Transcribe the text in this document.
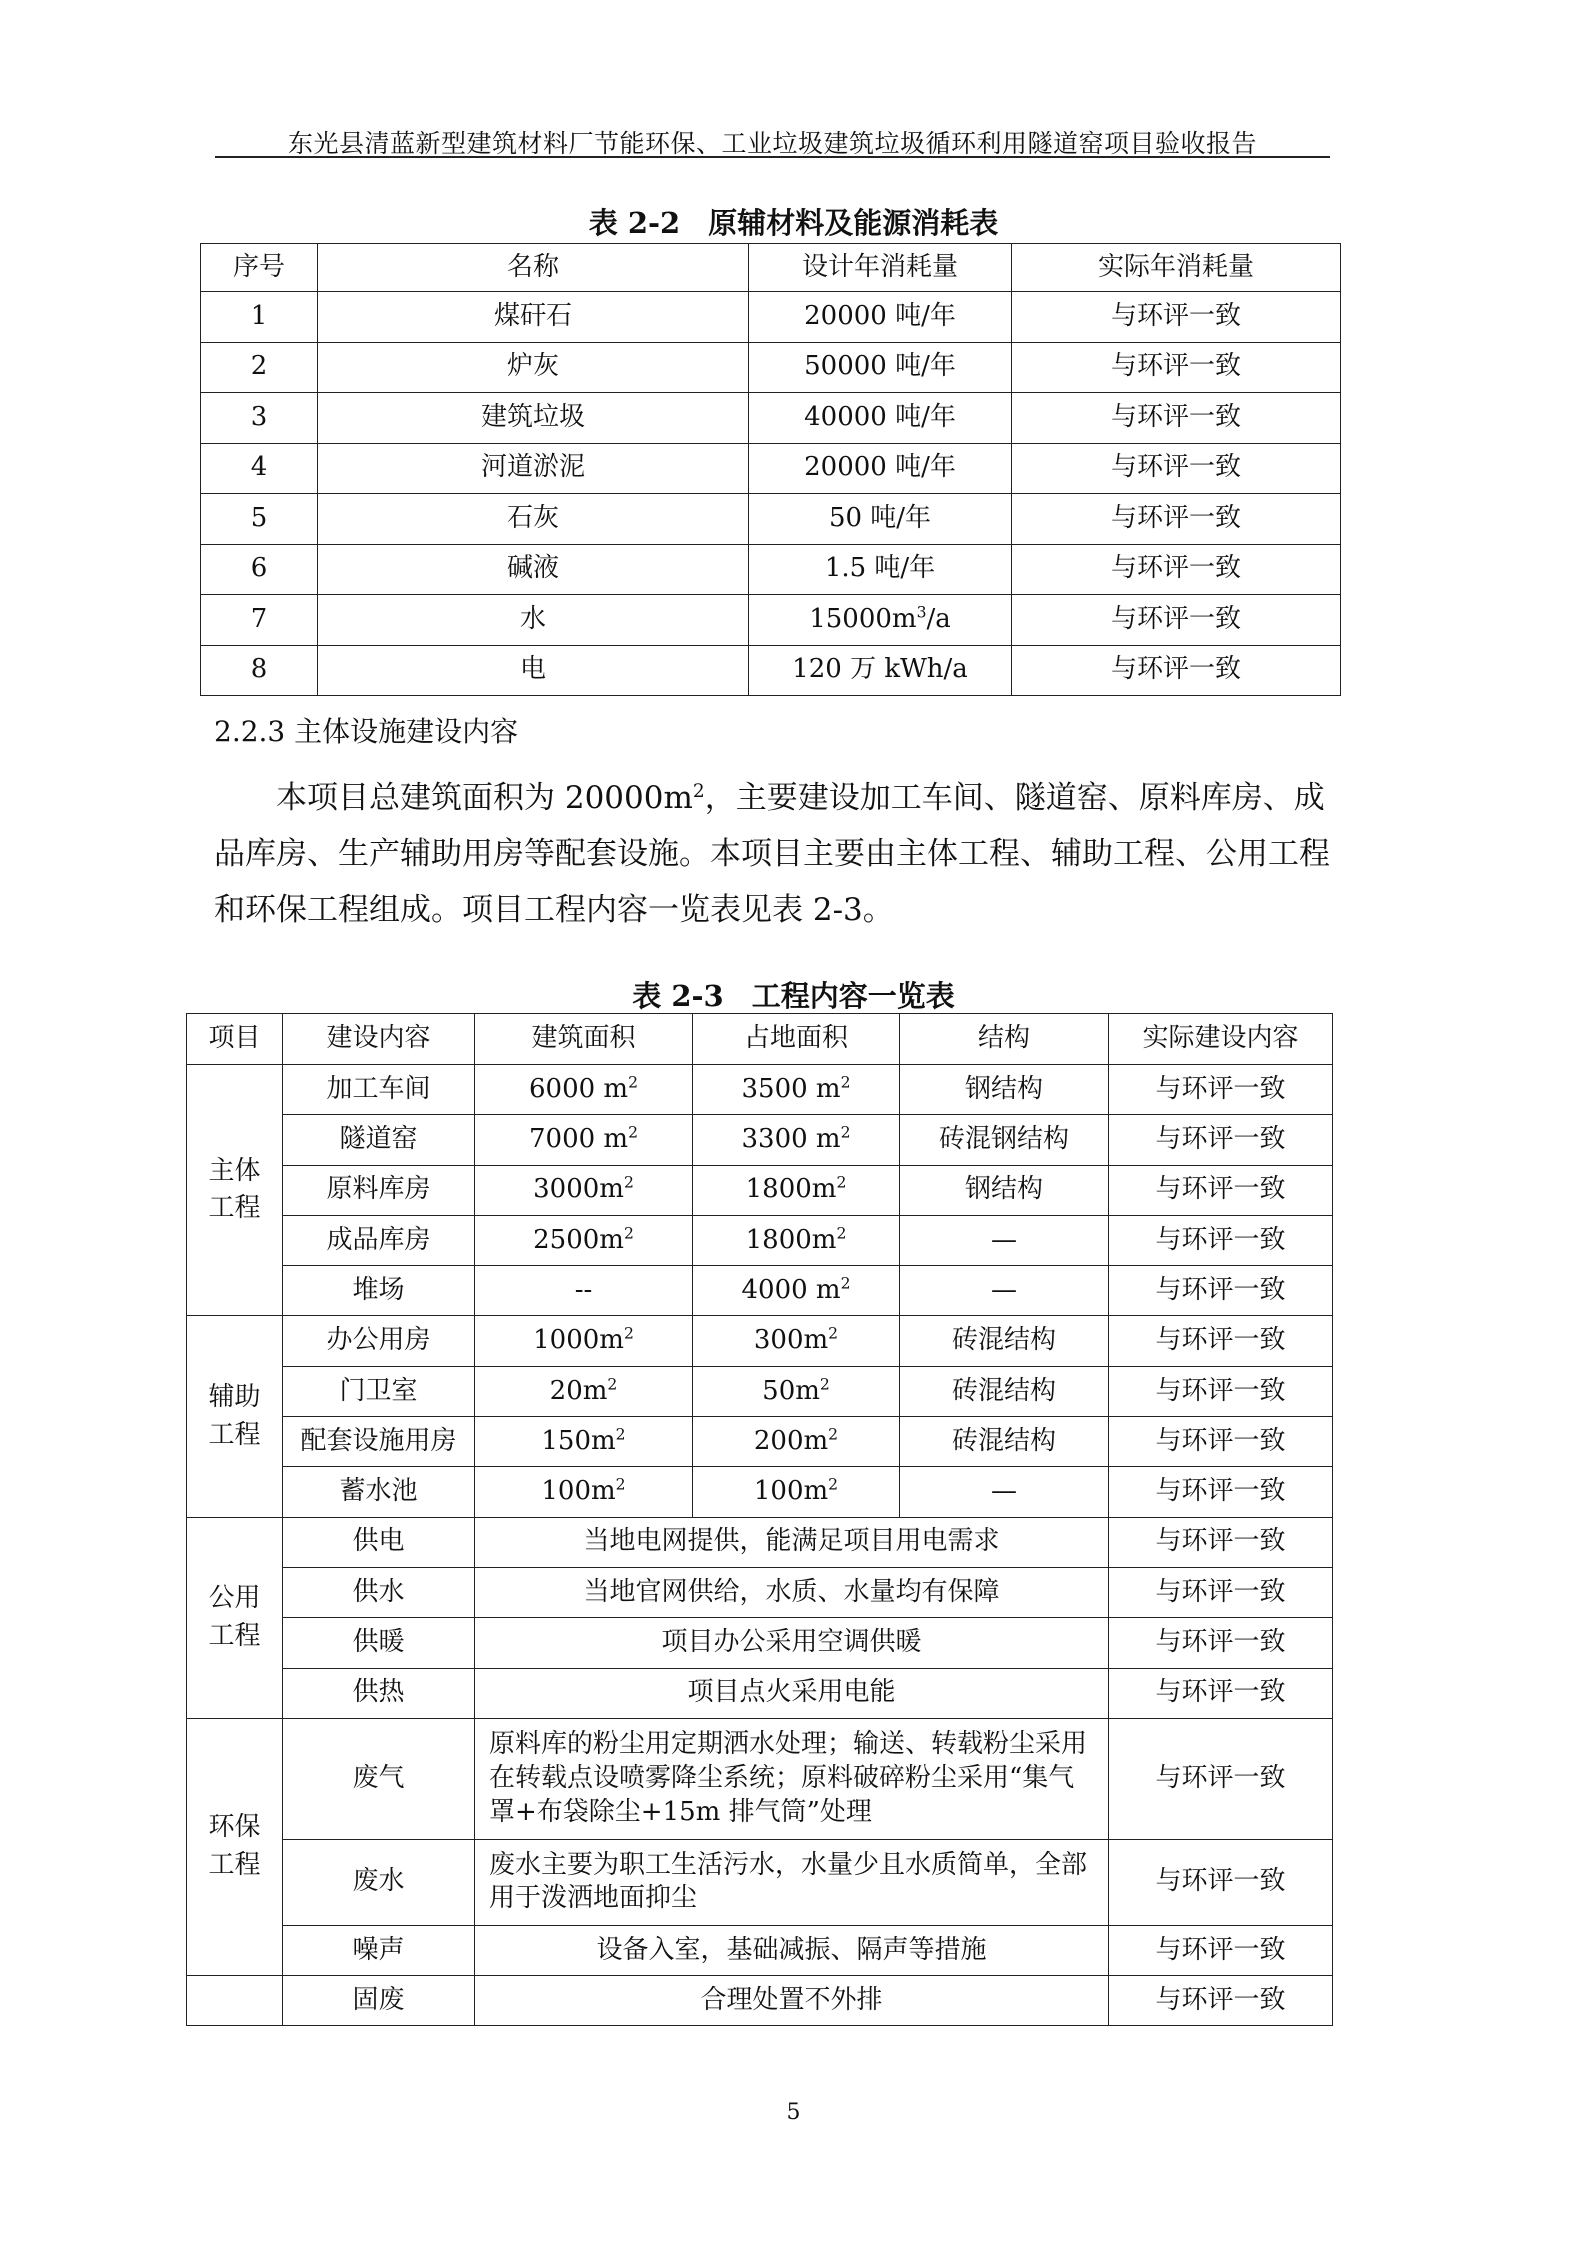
东光县清蓝新型建筑材料厂节能环保、工业垃圾建筑垃圾循环利用隧道窑项目验收报告
表 2-2 原辅材料及能源消耗表
序号	名称	设计年消耗量	实际年消耗量
1	煤矸石	20000 吨/年	与环评一致
2	炉灰	50000 吨/年	与环评一致
3	建筑垃圾	40000 吨/年	与环评一致
4	河道淤泥	20000 吨/年	与环评一致
5	石灰	50 吨/年	与环评一致
6	碱液	1.5 吨/年	与环评一致
7	水	$15000m^3/a$	与环评一致
8	电	120 万 kWh/a	与环评一致
2.2.3 主体设施建设内容

本项目总建筑面积为 $20000m^2$，主要建设加工车间、隧道窑、原料库房、成品库房、生产辅助用房等配套设施。本项目主要由主体工程、辅助工程、公用工程和环保工程组成。项目工程内容一览表见表 2-3。

表 2-3 工程内容一览表
项目	建设内容	建筑面积	占地面积	结构	实际建设内容
主体
工程	加工车间	6000 $m^2$	3500 $m^2$	钢结构	与环评一致
	隧道窑	7000 $m^2$	3300 $m^2$	砖混钢结构	与环评一致
	原料库房	$3000m^2$	$1800m^2$	钢结构	与环评一致
	成品库房	$2500m^2$	$1800m^2$	—	与环评一致
	堆场	--	4000 $m^2$	—	与环评一致
辅助
工程	办公用房	$1000m^2$	$300m^2$	砖混结构	与环评一致
	门卫室	$20m^2$	$50m^2$	砖混结构	与环评一致
	配套设施用房	$150m^2$	$200m^2$	砖混结构	与环评一致
	蓄水池	$100m^2$	$100m^2$	—	与环评一致
公用
工程	供电	当地电网提供，能满足项目用电需求			与环评一致
	供水	当地官网供给，水质、水量均有保障			与环评一致
	供暖	项目办公采用空调供暖			与环评一致
	供热	项目点火采用电能			与环评一致
环保
工程	废气	原料库的粉尘用定期洒水处理；输送、转载粉尘采用在转载点设喷雾降尘系统；原料破碎粉尘采用“集气罩+布袋除尘+15m 排气筒”处理			与环评一致
	废水	废水主要为职工生活污水，水量少且水质简单，全部用于泼洒地面抑尘			与环评一致
	噪声	设备入室，基础减振、隔声等措施			与环评一致
	固废	合理处置不外排			与环评一致
5
